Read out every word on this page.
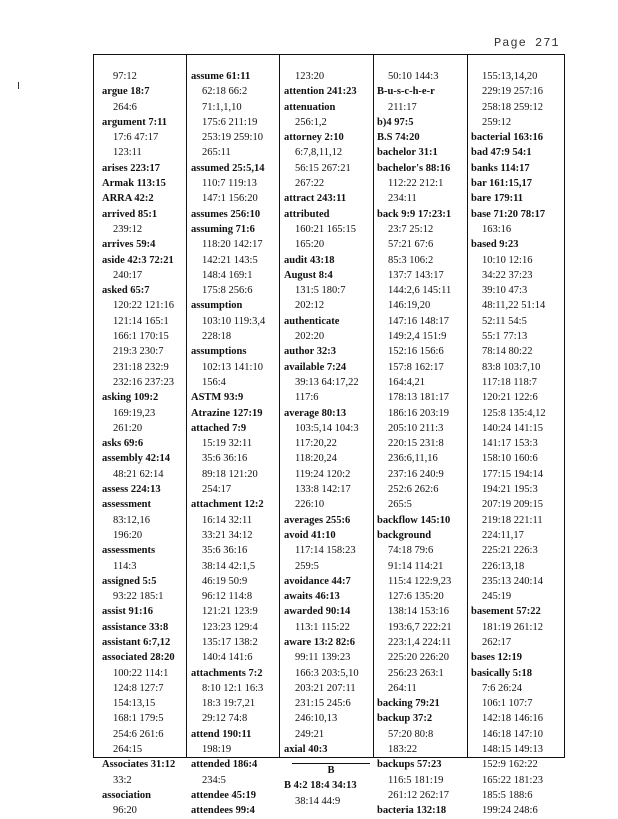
Page 271
97:12
argue 18:7
264:6
argument 7:11
17:6 47:17
123:11
arises 223:17
Armak 113:15
ARRA 42:2
arrived 85:1
239:12
arrives 59:4
aside 42:3 72:21
240:17
asked 65:7
120:22 121:16
121:14 165:1
166:1 170:15
219:3 230:7
231:18 232:9
232:16 237:23
asking 109:2
169:19,23
261:20
asks 69:6
assembly 42:14
48:21 62:14
assess 224:13
assessment
83:12,16
196:20
assessments
114:3
assigned 5:5
93:22 185:1
assist 91:16
assistance 33:8
assistant 6:7,12
associated 28:20
100:22 114:1
124:8 127:7
154:13,15
168:1 179:5
254:6 261:6
264:15
Associates 31:12
33:2
association
96:20
assume 61:11
62:18 66:2
71:1,1,10
175:6 211:19
253:19 259:10
265:11
assumed 25:5,14
110:7 119:13
147:1 156:20
assumes 256:10
assuming 71:6
118:20 142:17
142:21 143:5
148:4 169:1
175:8 256:6
assumption
103:10 119:3,4
228:18
assumptions
102:13 141:10
156:4
ASTM 93:9
Atrazine 127:19
attached 7:9
15:19 32:11
35:6 36:16
89:18 121:20
254:17
attachment 12:2
16:14 32:11
33:21 34:12
35:6 36:16
38:14 42:1,5
46:19 50:9
96:12 114:8
121:21 123:9
123:23 129:4
135:17 138:2
140:4 141:6
attachments 7:2
8:10 12:1 16:3
18:3 19:7,21
29:12 74:8
attend 190:11
198:19
attended 186:4
234:5
attendee 45:19
attendees 99:4
123:20
attention 241:23
attenuation
256:1,2
attorney 2:10
6:7,8,11,12
56:15 267:21
267:22
attract 243:11
attributed
160:21 165:15
165:20
audit 43:18
August 8:4
131:5 180:7
202:12
authenticate
202:20
author 32:3
available 7:24
39:13 64:17,22
117:6
average 80:13
103:5,14 104:3
117:20,22
118:20,24
119:24 120:2
133:8 142:17
226:10
averages 255:6
avoid 41:10
117:14 158:23
259:5
avoidance 44:7
awaits 46:13
awarded 90:14
113:1 115:22
aware 13:2 82:6
99:11 139:23
166:3 203:5,10
203:21 207:11
231:15 245:6
246:10,13
249:21
axial 40:3
B
B 4:2 18:4 34:13
38:14 44:9
50:10 144:3
B-u-s-c-h-e-r
211:17
b)4 97:5
B.S 74:20
bachelor 31:1
bachelor's 88:16
112:22 212:1
234:11
back 9:9 17:23:1
23:7 25:12
57:21 67:6
85:3 106:2
137:7 143:17
144:2,6 145:11
146:19,20
147:16 148:17
149:2,4 151:9
152:16 156:6
157:8 162:17
164:4,21
178:13 181:17
186:16 203:19
205:10 211:3
220:15 231:8
236:6,11,16
237:16 240:9
252:6 262:6
265:5
backflow 145:10
background
74:18 79:6
91:14 114:21
115:4 122:9,23
127:6 135:20
138:14 153:16
193:6,7 222:21
223:1,4 224:11
225:20 226:20
256:23 263:1
264:11
backing 79:21
backup 37:2
57:20 80:8
183:22
backups 57:23
116:5 181:19
261:12 262:17
bacteria 132:18
155:13,14,20
229:19 257:16
258:18 259:12
259:12
bacterial 163:16
bad 47:9 54:1
banks 114:17
bar 161:15,17
bare 179:11
base 71:20 78:17
163:16
based 9:23
10:10 12:16
34:22 37:23
39:10 47:3
48:11,22 51:14
52:11 54:5
55:1 77:13
78:14 80:22
83:8 103:7,10
117:18 118:7
120:21 122:6
125:8 135:4,12
140:24 141:15
141:17 153:3
158:10 160:6
177:15 194:14
194:21 195:3
207:19 209:15
219:18 221:11
224:11,17
225:21 226:3
226:13,18
235:13 240:14
245:19
basement 57:22
181:19 261:12
262:17
bases 12:19
basically 5:18
7:6 26:24
106:1 107:7
142:18 146:16
146:18 147:10
148:15 149:13
152:9 162:22
165:22 181:23
185:5 188:6
199:24 248:6
